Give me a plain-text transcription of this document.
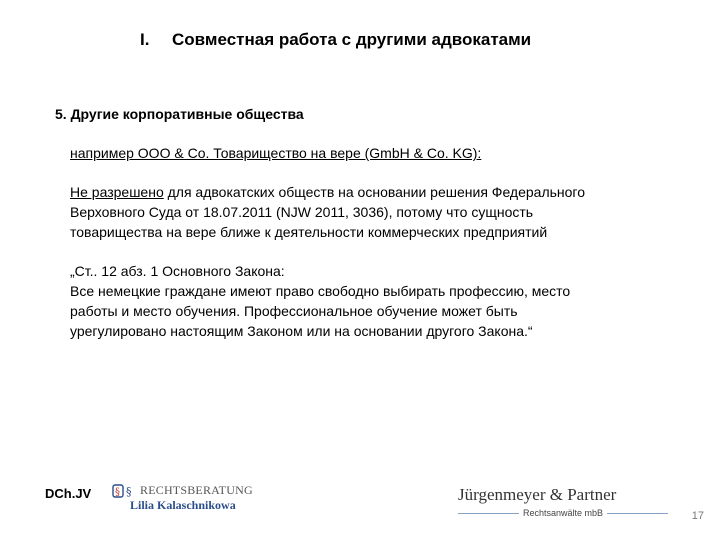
I. Совместная работа с другими адвокатами
5. Другие корпоративные общества
например ООО & Co. Товарищество на вере (GmbH & Co. KG):
Не разрешено для адвокатских обществ на основании решения Федерального
Верховного Суда от 18.07.2011 (NJW 2011, 3036), потому что сущность
товарищества на вере ближе к деятельности коммерческих предприятий
„Ст.. 12 абз. 1 Основного Закона:
Все немецкие граждане имеют право свободно выбирать профессию, место
работы и место обучения. Профессиональное обучение может быть
урегулировано настоящим Законом или на основании другого Закона.“
DCh.JV § § RECHTSBERATUNG
Lilia Kalaschnikowa
Jürgenmeyer & Partner
Rechtsanwälte mbB	17
